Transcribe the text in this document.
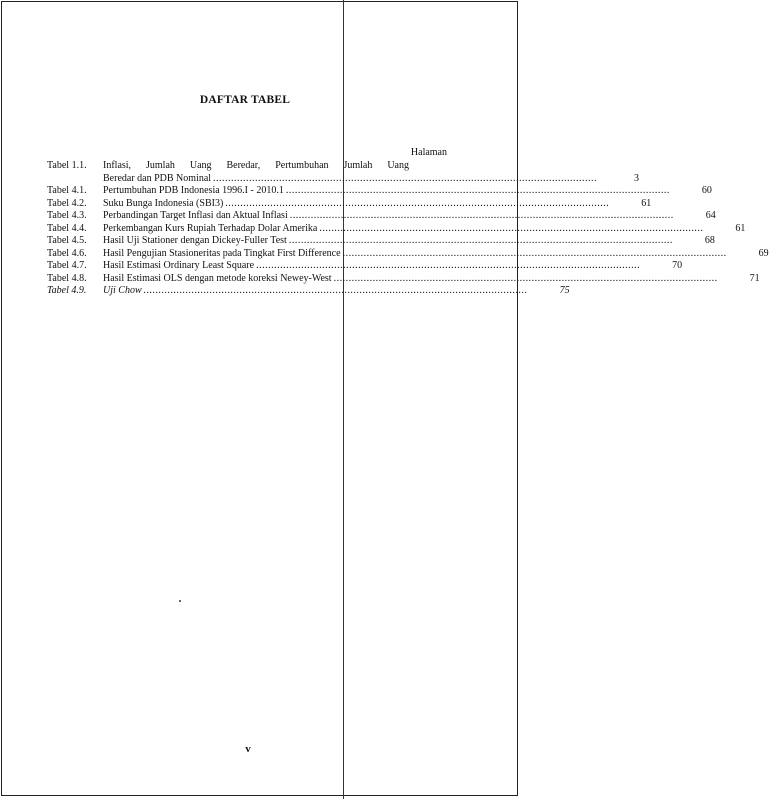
DAFTAR TABEL
Halaman
Tabel 1.1.	Inflasi, Jumlah Uang Beredar, Pertumbuhan Jumlah Uang
Beredar dan PDB Nominal .....	3
Tabel 4.1.	Pertumbuhan PDB Indonesia 1996.I - 2010.1 .....	60
Tabel 4.2.	Suku Bunga Indonesia (SBI3) .....	61
Tabel 4.3.	Perbandingan Target Inflasi dan Aktual Inflasi .....	64
Tabel 4.4.	Perkembangan Kurs Rupiah Terhadap Dolar Amerika .....	61
Tabel 4.5.	Hasil Uji Stationer dengan Dickey-Fuller Test .....	68
Tabel 4.6.	Hasil Pengujian Stasioneritas pada Tingkat First Difference .....	69
Tabel 4.7.	Hasil Estimasi Ordinary Least Square .....	70
Tabel 4.8.	Hasil Estimasi OLS dengan metode koreksi Newey-West .....	71
Tabel 4.9.	Uji Chow .....	75
v
